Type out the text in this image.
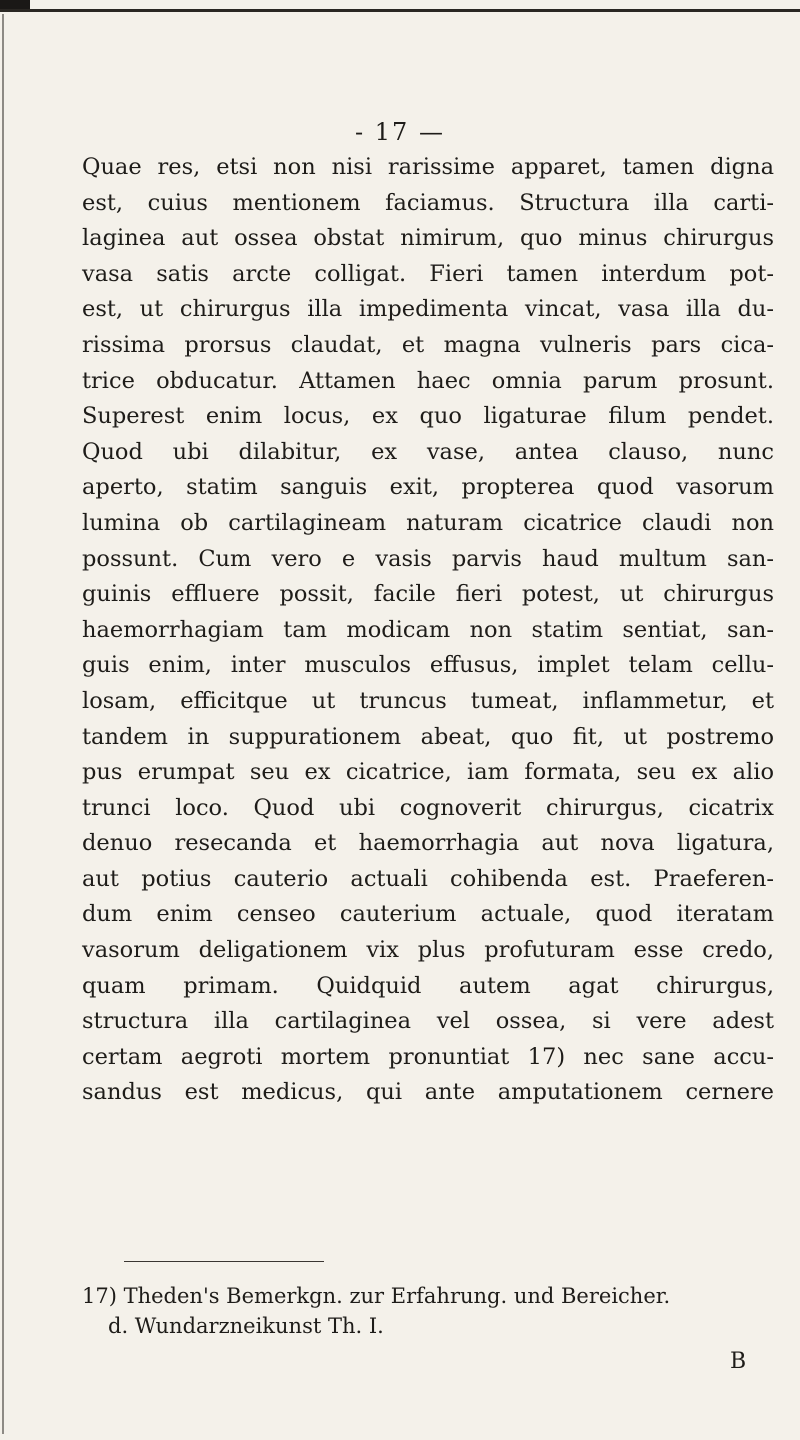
- 17 —
Quae res, etsi non nisi rarissime apparet, tamen digna
est, cuius mentionem faciamus. Structura illa carti-
laginea aut ossea obstat nimirum, quo minus chirurgus
vasa satis arcte colligat. Fieri tamen interdum pot-
est, ut chirurgus illa impedimenta vincat, vasa illa du-
rissima prorsus claudat, et magna vulneris pars cica-
trice obducatur. Attamen haec omnia parum prosunt.
Superest enim locus, ex quo ligaturae filum pendet.
Quod ubi dilabitur, ex vase, antea clauso, nunc
aperto, statim sanguis exit, propterea quod vasorum
lumina ob cartilagineam naturam cicatrice claudi non
possunt. Cum vero e vasis parvis haud multum san-
guinis effluere possit, facile fieri potest, ut chirurgus
haemorrhagiam tam modicam non statim sentiat, san-
guis enim, inter musculos effusus, implet telam cellu-
losam, efficitque ut truncus tumeat, inflammetur, et
tandem in suppurationem abeat, quo fit, ut postremo
pus erumpat seu ex cicatrice, iam formata, seu ex alio
trunci loco. Quod ubi cognoverit chirurgus, cicatrix
denuo resecanda et haemorrhagia aut nova ligatura,
aut potius cauterio actuali cohibenda est. Praeferen-
dum enim censeo cauterium actuale, quod iteratam
vasorum deligationem vix plus profuturam esse credo,
quam primam. Quidquid autem agat chirurgus,
structura illa cartilaginea vel ossea, si vere adest
certam aegroti mortem pronuntiat 17) nec sane accu-
sandus est medicus, qui ante amputationem cernere
17) Theden's Bemerkgn. zur Erfahrung. und Bereicher.
d. Wundarzneikunst Th. I.
B
